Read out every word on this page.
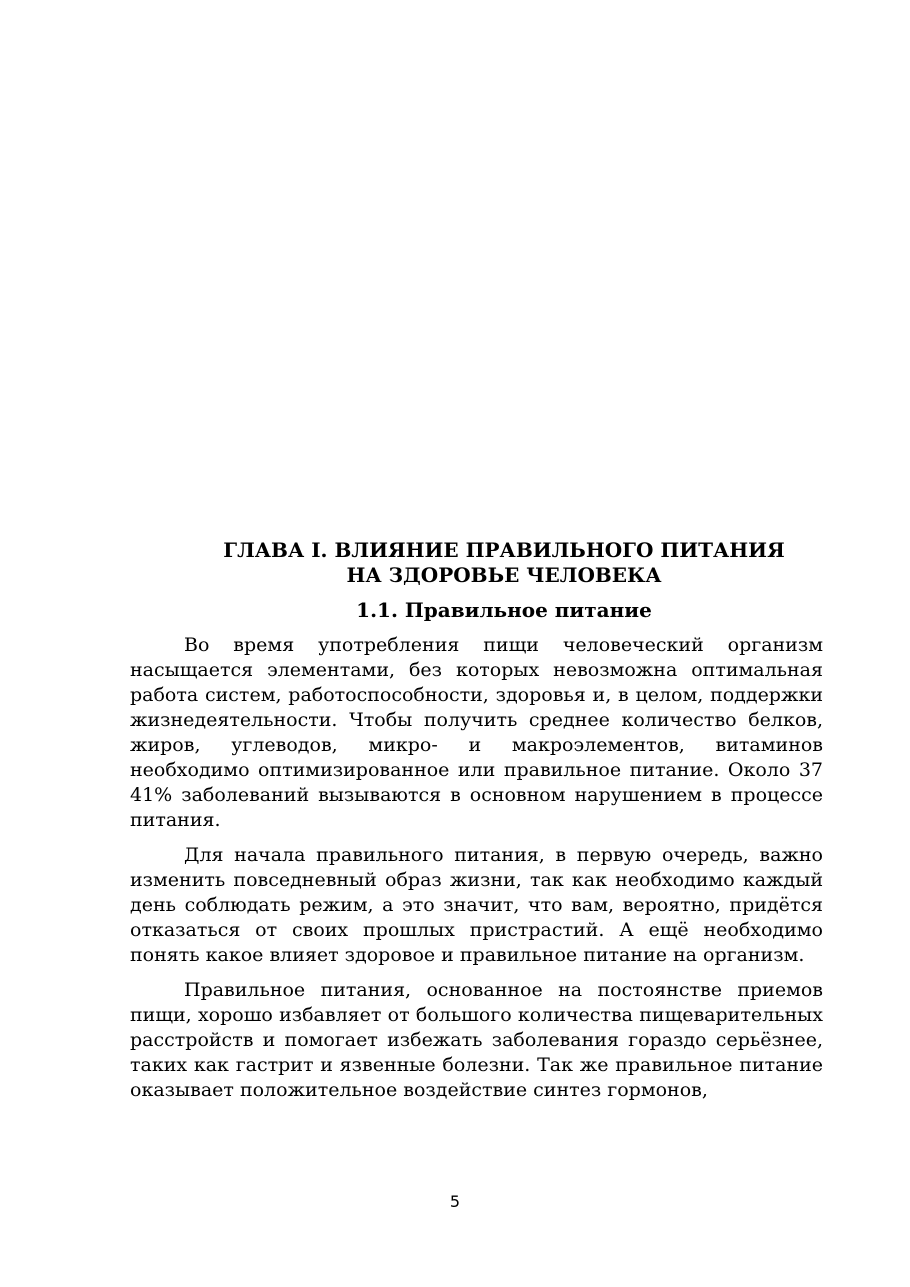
ГЛАВА I. ВЛИЯНИЕ ПРАВИЛЬНОГО ПИТАНИЯ
НА ЗДОРОВЬЕ ЧЕЛОВЕКА
1.1. Правильное питание

Во время употребления пищи человеческий организм насыщается элементами, без которых невозможна оптимальная работа систем, работоспособности, здоровья и, в целом, поддержки жизнедеятельности. Чтобы получить среднее количество белков, жиров, углеводов, микро- и макроэлементов, витаминов необходимо оптимизированное или правильное питание. Около 37 41% заболеваний вызываются в основном нарушением в процессе питания.

Для начала правильного питания, в первую очередь, важно изменить повседневный образ жизни, так как необходимо каждый день соблюдать режим, а это значит, что вам, вероятно, придётся отказаться от своих прошлых пристрастий. А ещё необходимо понять какое влияет здоровое и правильное питание на организм.

Правильное питания, основанное на постоянстве приемов пищи, хорошо избавляет от большого количества пищеварительных расстройств и помогает избежать заболевания гораздо серьёзнее, таких как гастрит и язвенные болезни. Так же правильное питание оказывает положительное воздействие синтез гормонов,

5
